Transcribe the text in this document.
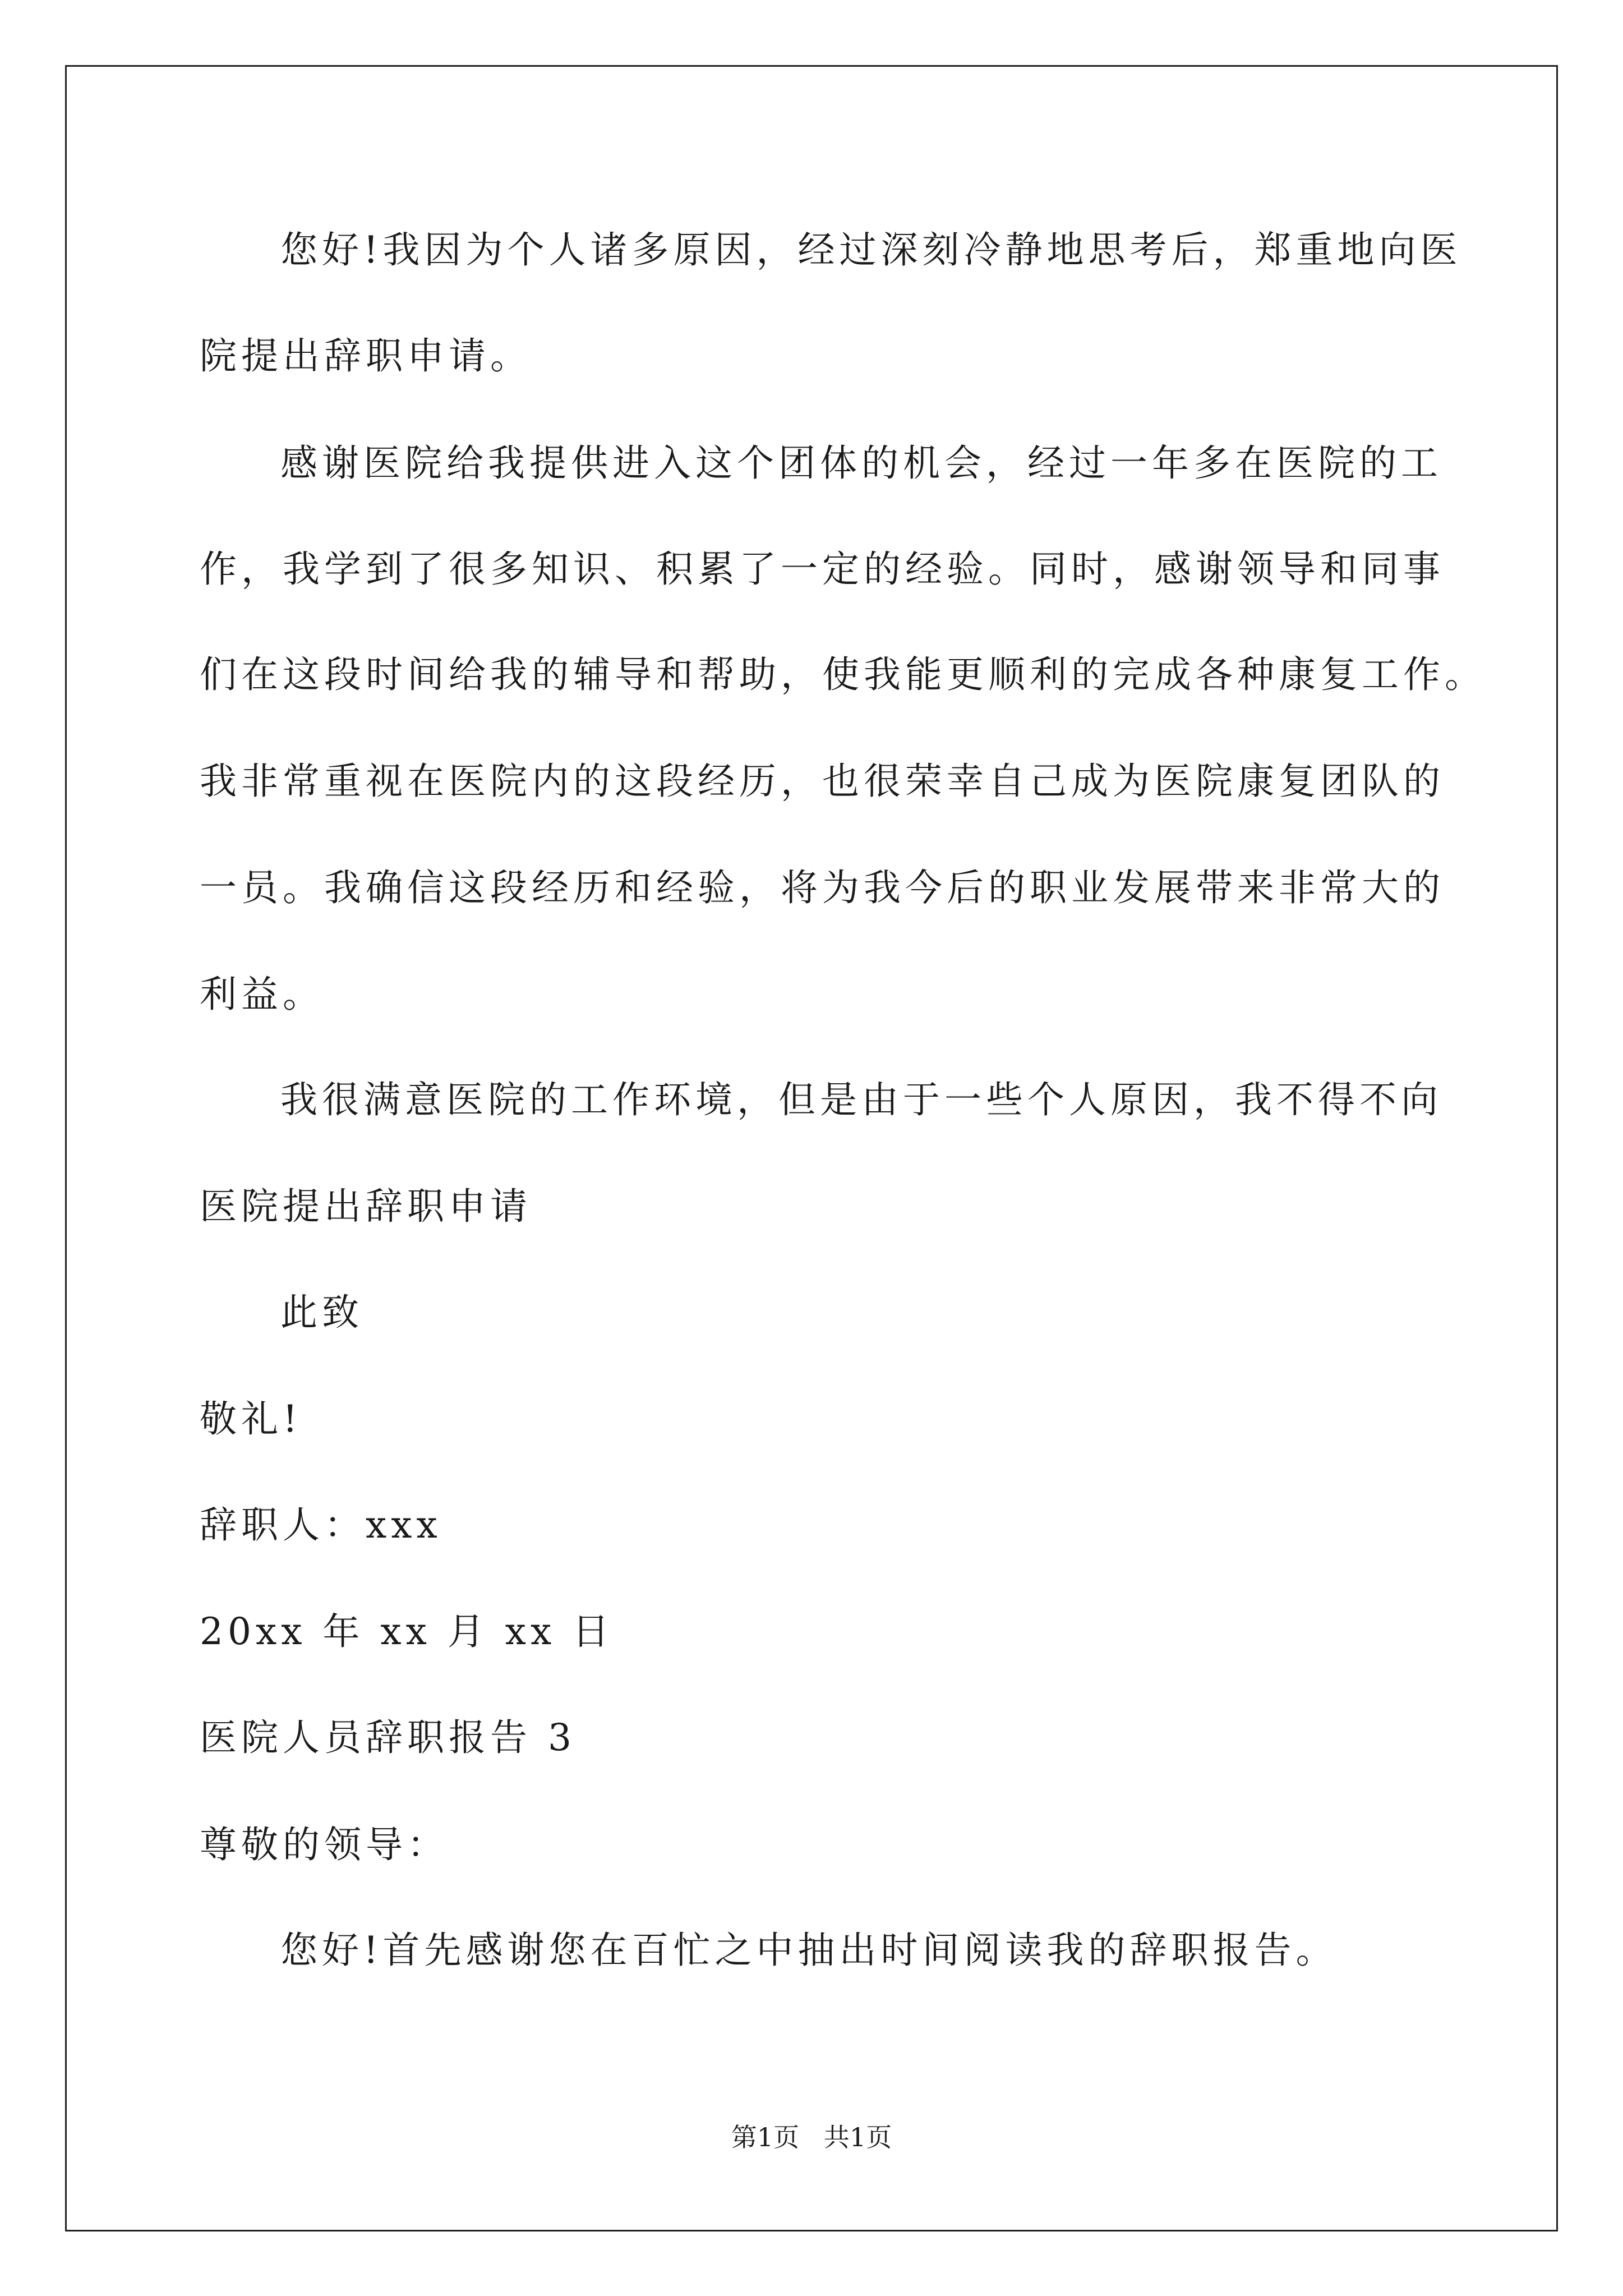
您好!我因为个人诸多原因，经过深刻冷静地思考后，郑重地向医
院提出辞职申请。
感谢医院给我提供进入这个团体的机会，经过一年多在医院的工
作，我学到了很多知识、积累了一定的经验。同时，感谢领导和同事
们在这段时间给我的辅导和帮助，使我能更顺利的完成各种康复工作。
我非常重视在医院内的这段经历，也很荣幸自己成为医院康复团队的
一员。我确信这段经历和经验，将为我今后的职业发展带来非常大的
利益。
我很满意医院的工作环境，但是由于一些个人原因，我不得不向
医院提出辞职申请
此致
敬礼!
辞职人：xxx
20xx 年 xx 月 xx 日
医院人员辞职报告 3
尊敬的领导：
您好!首先感谢您在百忙之中抽出时间阅读我的辞职报告。
第1页   共1页
